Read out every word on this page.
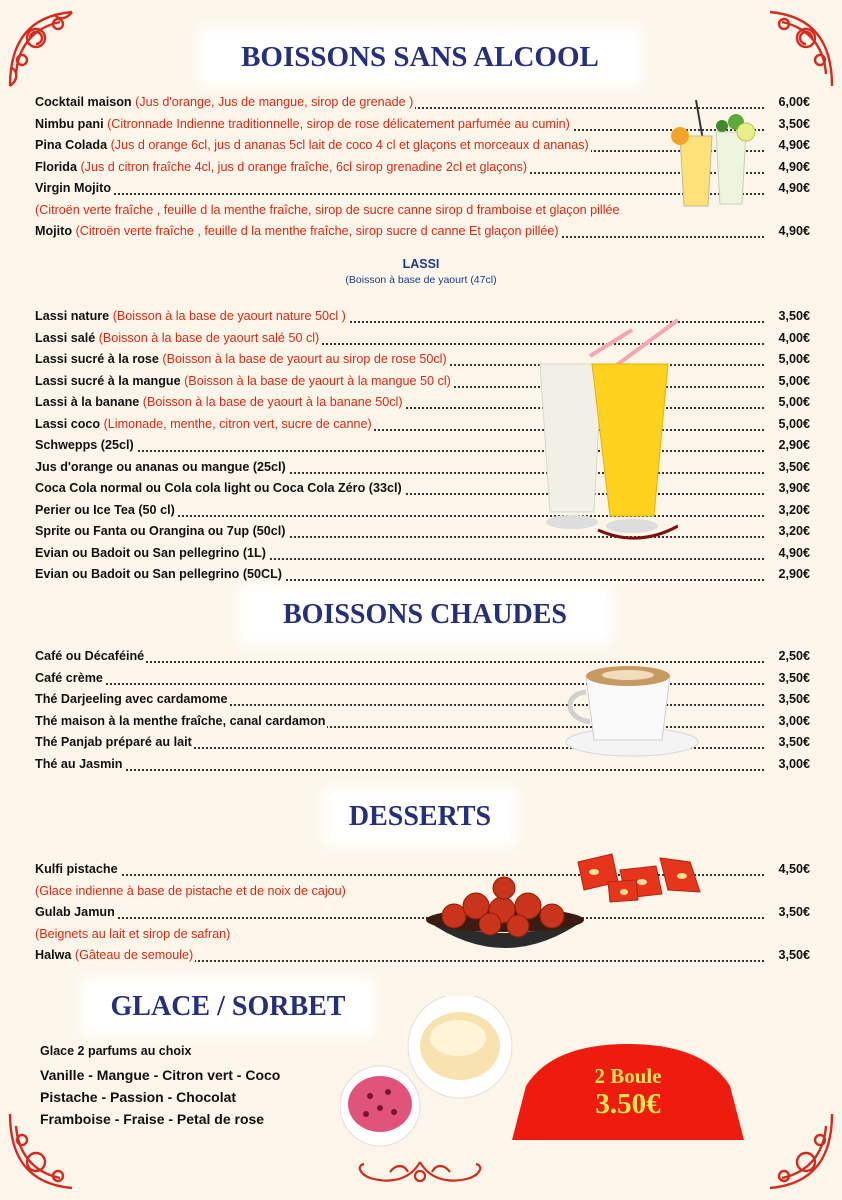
BOISSONS SANS ALCOOL
BOISSONS CHAUDES
DESSERTS
GLACE / SORBET
LASSI
(Boisson à base de yaourt (47cl)
Cocktail maison (Jus d'orange, Jus de mangue, sirop de grenade )	6,00€
Nimbu pani (Citronnade Indienne traditionnelle, sirop de rose délicatement parfumée au cumin)	3,50€
Pina Colada (Jus d orange 6cl, jus d ananas 5cl lait de coco 4 cl et glaçons et morceaux d ananas)	4,90€
Florida (Jus d citron fraîche 4cl, jus d orange fraîche, 6cl sirop grenadine 2cl et glaçons)	4,90€
Virgin Mojito	4,90€
(Citroën verte fraîche , feuille d la menthe fraîche, sirop de sucre canne sirop d framboise et glaçon pillée
Mojito (Citroën verte fraîche , feuille d la menthe fraîche, sirop sucre d canne Et glaçon pillée)	4,90€
Lassi nature (Boisson à la base de yaourt nature 50cl )	3,50€
Lassi salé (Boisson à la base de yaourt salé 50 cl)	4,00€
Lassi sucré à la rose (Boisson à la base de yaourt au sirop de rose 50cl)	5,00€
Lassi sucré à la mangue (Boisson à la base de yaourt à la mangue 50 cl)	5,00€
Lassi à la banane (Boisson à la base de yaourt à la banane 50cl)	5,00€
Lassi coco (Limonade, menthe, citron vert, sucre de canne)	5,00€
Schwepps (25cl)	2,90€
Jus d'orange ou ananas ou mangue (25cl)	3,50€
Coca Cola normal ou Cola cola light ou Coca Cola Zéro (33cl)	3,90€
Perier ou Ice Tea (50 cl)	3,20€
Sprite ou Fanta ou Orangina ou 7up (50cl)	3,20€
Evian ou Badoit ou San pellegrino (1L)	4,90€
Evian ou Badoit ou San pellegrino (50CL)	2,90€
Café ou Décaféiné	2,50€
Café crème	3,50€
Thé Darjeeling avec cardamome	3,50€
Thé maison à la menthe fraîche, canal cardamon	3,00€
Thé Panjab préparé au lait	3,50€
Thé au Jasmin	3,00€
Kulfi pistache	4,50€
(Glace indienne à base de pistache et de noix de cajou)
Gulab Jamun	3,50€
(Beignets au lait et sirop de safran)
Halwa (Gâteau de semoule)	3,50€
Glace 2 parfums au choix
Vanille - Mangue - Citron vert - Coco
Pistache - Passion - Chocolat
Framboise - Fraise - Petal de rose
2 Boule
3.50€
